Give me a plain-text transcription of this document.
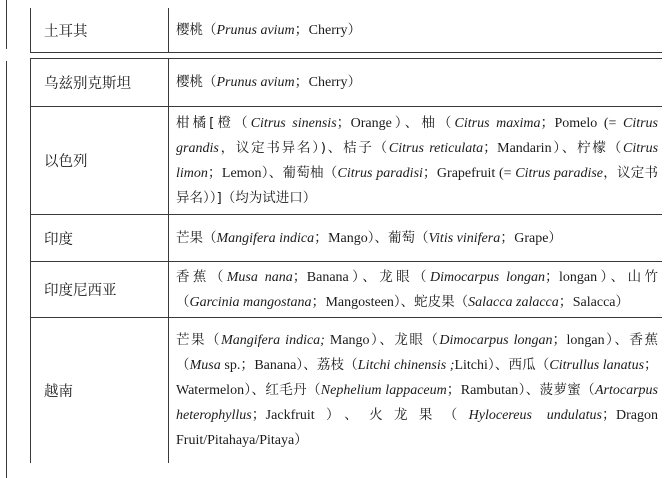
土耳其	樱桃（Prunus avium；Cherry）
乌兹别克斯坦	樱桃（Prunus avium；Cherry）
以色列	柑橘[橙（Citrus sinensis；Orange）、柚（Citrus maxima；Pomelo (= Citrus grandis，议定书异名）)、桔子（Citrus reticulata；Mandarin）、柠檬（Citrus limon；Lemon）、葡萄柚（Citrus paradisi；Grapefruit (= Citrus paradise，议定书异名））]（均为试进口）
印度	芒果（Mangifera indica；Mango）、葡萄（Vitis vinifera；Grape）
印度尼西亚	香蕉（Musa nana；Banana）、龙眼（Dimocarpus longan；longan）、山竹（Garcinia mangostana；Mangosteen）、蛇皮果（Salacca zalacca；Salacca）
越南	芒果（Mangifera indica; Mango）、龙眼（Dimocarpus longan；longan）、香蕉（Musa sp.；Banana）、荔枝（Litchi chinensis ;Litchi）、西瓜（Citrullus lanatus；Watermelon）、红毛丹（Nephelium lappaceum；Rambutan）、菠萝蜜（Artocarpus heterophyllus；Jackfruit）、火龙果（Hylocereus undulatus；Dragon Fruit/Pitahaya/Pitaya）
